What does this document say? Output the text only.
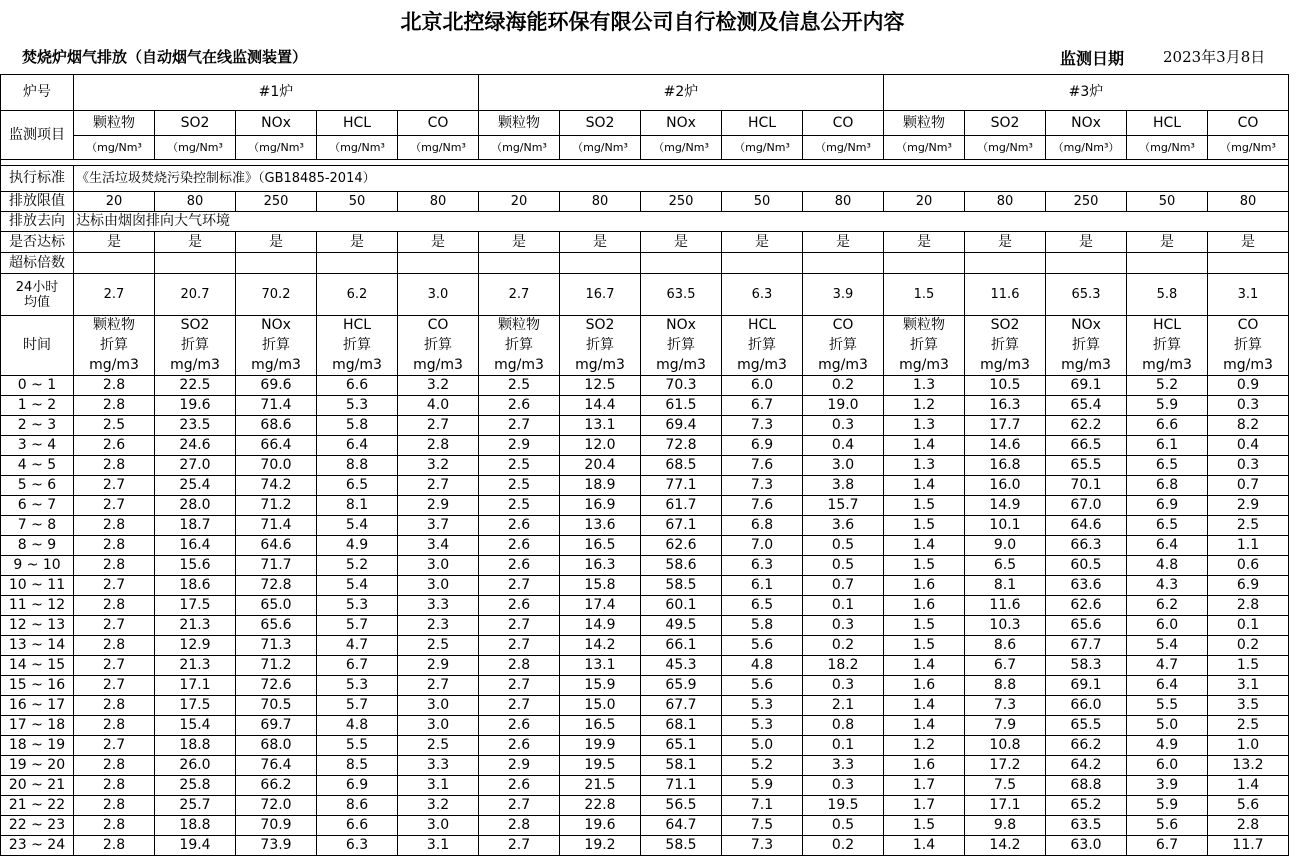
北京北控绿海能环保有限公司自行检测及信息公开内容
焚烧炉烟气排放（自动烟气在线监测装置）	监测日期	2023年3月8日
炉号	#1炉					#2炉					#3炉				
监测项目	颗粒物	SO2	NOx	HCL	CO	颗粒物	SO2	NOx	HCL	CO	颗粒物	SO2	NOx	HCL	CO
	（mg/Nm³	（mg/Nm³	（mg/Nm³	（mg/Nm³	（mg/Nm³	（mg/Nm³	（mg/Nm³	（mg/Nm³	（mg/Nm³	（mg/Nm³	（mg/Nm³	（mg/Nm³	（mg/Nm³）	（mg/Nm³	（mg/Nm³

执行标准	《生活垃圾焚烧污染控制标准》（GB18485-2014）														
排放限值	20	80	250	50	80	20	80	250	50	80	20	80	250	50	80
排放去向	达标由烟囱排向大气环境														
是否达标	是	是	是	是	是	是	是	是	是	是	是	是	是	是	是
超标倍数															

24小时
均值	2.7	20.7	70.2	6.2	3.0	2.7	16.7	63.5	6.3	3.9	1.5	11.6	65.3	5.8	3.1
时间	颗粒物	SO2	NOx	HCL	CO	颗粒物	SO2	NOx	HCL	CO	颗粒物	SO2	NOx	HCL	CO
	折算	折算	折算	折算	折算	折算	折算	折算	折算	折算	折算	折算	折算	折算	折算
	mg/m3	mg/m3	mg/m3	mg/m3	mg/m3	mg/m3	mg/m3	mg/m3	mg/m3	mg/m3	mg/m3	mg/m3	mg/m3	mg/m3	mg/m3
0 ~ 1	2.8	22.5	69.6	6.6	3.2	2.5	12.5	70.3	6.0	0.2	1.3	10.5	69.1	5.2	0.9
1 ~ 2	2.8	19.6	71.4	5.3	4.0	2.6	14.4	61.5	6.7	19.0	1.2	16.3	65.4	5.9	0.3
2 ~ 3	2.5	23.5	68.6	5.8	2.7	2.7	13.1	69.4	7.3	0.3	1.3	17.7	62.2	6.6	8.2
3 ~ 4	2.6	24.6	66.4	6.4	2.8	2.9	12.0	72.8	6.9	0.4	1.4	14.6	66.5	6.1	0.4
4 ~ 5	2.8	27.0	70.0	8.8	3.2	2.5	20.4	68.5	7.6	3.0	1.3	16.8	65.5	6.5	0.3
5 ~ 6	2.7	25.4	74.2	6.5	2.7	2.5	18.9	77.1	7.3	3.8	1.4	16.0	70.1	6.8	0.7
6 ~ 7	2.7	28.0	71.2	8.1	2.9	2.5	16.9	61.7	7.6	15.7	1.5	14.9	67.0	6.9	2.9
7 ~ 8	2.8	18.7	71.4	5.4	3.7	2.6	13.6	67.1	6.8	3.6	1.5	10.1	64.6	6.5	2.5
8 ~ 9	2.8	16.4	64.6	4.9	3.4	2.6	16.5	62.6	7.0	0.5	1.4	9.0	66.3	6.4	1.1
9 ~ 10	2.8	15.6	71.7	5.2	3.0	2.6	16.3	58.6	6.3	0.5	1.5	6.5	60.5	4.8	0.6
10 ~ 11	2.7	18.6	72.8	5.4	3.0	2.7	15.8	58.5	6.1	0.7	1.6	8.1	63.6	4.3	6.9
11 ~ 12	2.8	17.5	65.0	5.3	3.3	2.6	17.4	60.1	6.5	0.1	1.6	11.6	62.6	6.2	2.8
12 ~ 13	2.7	21.3	65.6	5.7	2.3	2.7	14.9	49.5	5.8	0.3	1.5	10.3	65.6	6.0	0.1
13 ~ 14	2.8	12.9	71.3	4.7	2.5	2.7	14.2	66.1	5.6	0.2	1.5	8.6	67.7	5.4	0.2
14 ~ 15	2.7	21.3	71.2	6.7	2.9	2.8	13.1	45.3	4.8	18.2	1.4	6.7	58.3	4.7	1.5
15 ~ 16	2.7	17.1	72.6	5.3	2.7	2.7	15.9	65.9	5.6	0.3	1.6	8.8	69.1	6.4	3.1
16 ~ 17	2.8	17.5	70.5	5.7	3.0	2.7	15.0	67.7	5.3	2.1	1.4	7.3	66.0	5.5	3.5
17 ~ 18	2.8	15.4	69.7	4.8	3.0	2.6	16.5	68.1	5.3	0.8	1.4	7.9	65.5	5.0	2.5
18 ~ 19	2.7	18.8	68.0	5.5	2.5	2.6	19.9	65.1	5.0	0.1	1.2	10.8	66.2	4.9	1.0
19 ~ 20	2.8	26.0	76.4	8.5	3.3	2.9	19.5	58.1	5.2	3.3	1.6	17.2	64.2	6.0	13.2
20 ~ 21	2.8	25.8	66.2	6.9	3.1	2.6	21.5	71.1	5.9	0.3	1.7	7.5	68.8	3.9	1.4
21 ~ 22	2.8	25.7	72.0	8.6	3.2	2.7	22.8	56.5	7.1	19.5	1.7	17.1	65.2	5.9	5.6
22 ~ 23	2.8	18.8	70.9	6.6	3.0	2.8	19.6	64.7	7.5	0.5	1.5	9.8	63.5	5.6	2.8
23 ~ 24	2.8	19.4	73.9	6.3	3.1	2.7	19.2	58.5	7.3	0.2	1.4	14.2	63.0	6.7	11.7
